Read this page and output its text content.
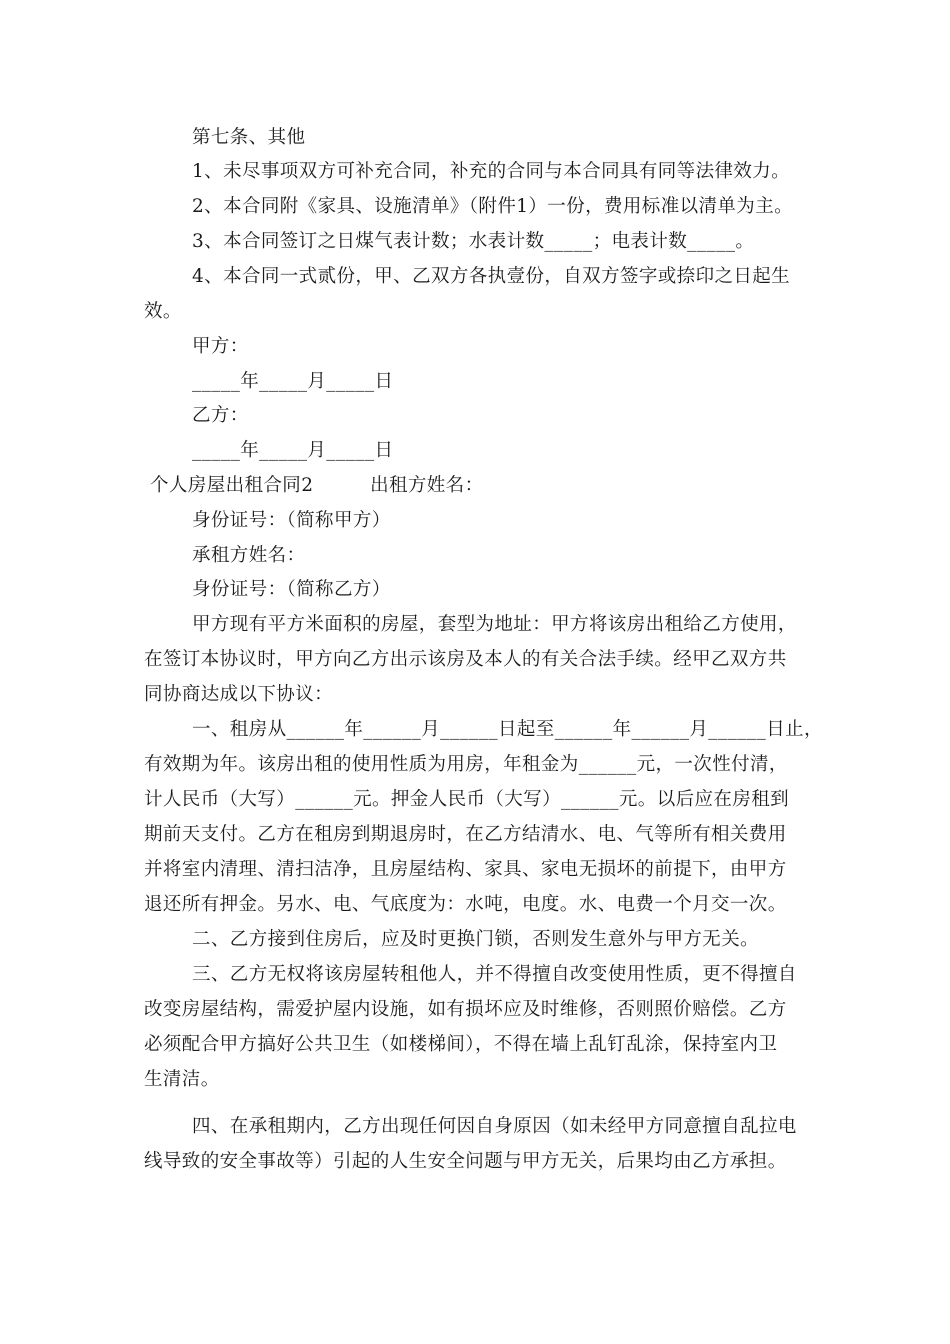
第七条、其他
1、未尽事项双方可补充合同，补充的合同与本合同具有同等法律效力。
2、本合同附《家具、设施清单》（附件1）一份，费用标准以清单为主。
3、本合同签订之日煤气表计数；水表计数_____；电表计数_____。
4、本合同一式贰份，甲、乙双方各执壹份，自双方签字或捺印之日起生
效。
甲方：
_____年_____月_____日
乙方：
_____年_____月_____日
个人房屋出租合同2　　　出租方姓名：
身份证号：（简称甲方）
承租方姓名：
身份证号：（简称乙方）
甲方现有平方米面积的房屋，套型为地址：甲方将该房出租给乙方使用，
在签订本协议时，甲方向乙方出示该房及本人的有关合法手续。经甲乙双方共
同协商达成以下协议：
一、租房从______年______月______日起至______年______月______日止，
有效期为年。该房出租的使用性质为用房，年租金为______元，一次性付清，
计人民币（大写）______元。押金人民币（大写）______元。以后应在房租到
期前天支付。乙方在租房到期退房时，在乙方结清水、电、气等所有相关费用
并将室内清理、清扫洁净，且房屋结构、家具、家电无损坏的前提下，由甲方
退还所有押金。另水、电、气底度为：水吨，电度。水、电费一个月交一次。
二、乙方接到住房后，应及时更换门锁，否则发生意外与甲方无关。
三、乙方无权将该房屋转租他人，并不得擅自改变使用性质，更不得擅自
改变房屋结构，需爱护屋内设施，如有损坏应及时维修，否则照价赔偿。乙方
必须配合甲方搞好公共卫生（如楼梯间），不得在墙上乱钉乱涂，保持室内卫
生清洁。
四、在承租期内，乙方出现任何因自身原因（如未经甲方同意擅自乱拉电
线导致的安全事故等）引起的人生安全问题与甲方无关，后果均由乙方承担。
